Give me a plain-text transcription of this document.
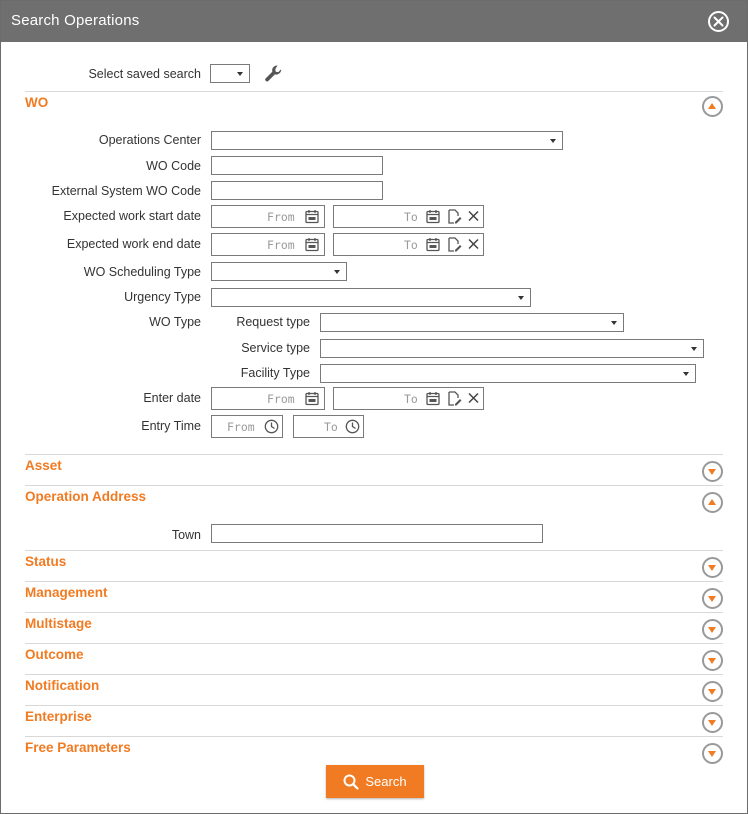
Search Operations
Select saved search
WO
Operations Center
WO Code
External System WO Code
Expected work start date	From	To
Expected work end date	From	To
WO Scheduling Type
Urgency Type
WO Type	Request type
Service type
Facility Type
Enter date	From	To
Entry Time From	To
Asset
Operation Address
Town
Status
Management
Multistage
Outcome
Notification
Enterprise
Free Parameters
Search
